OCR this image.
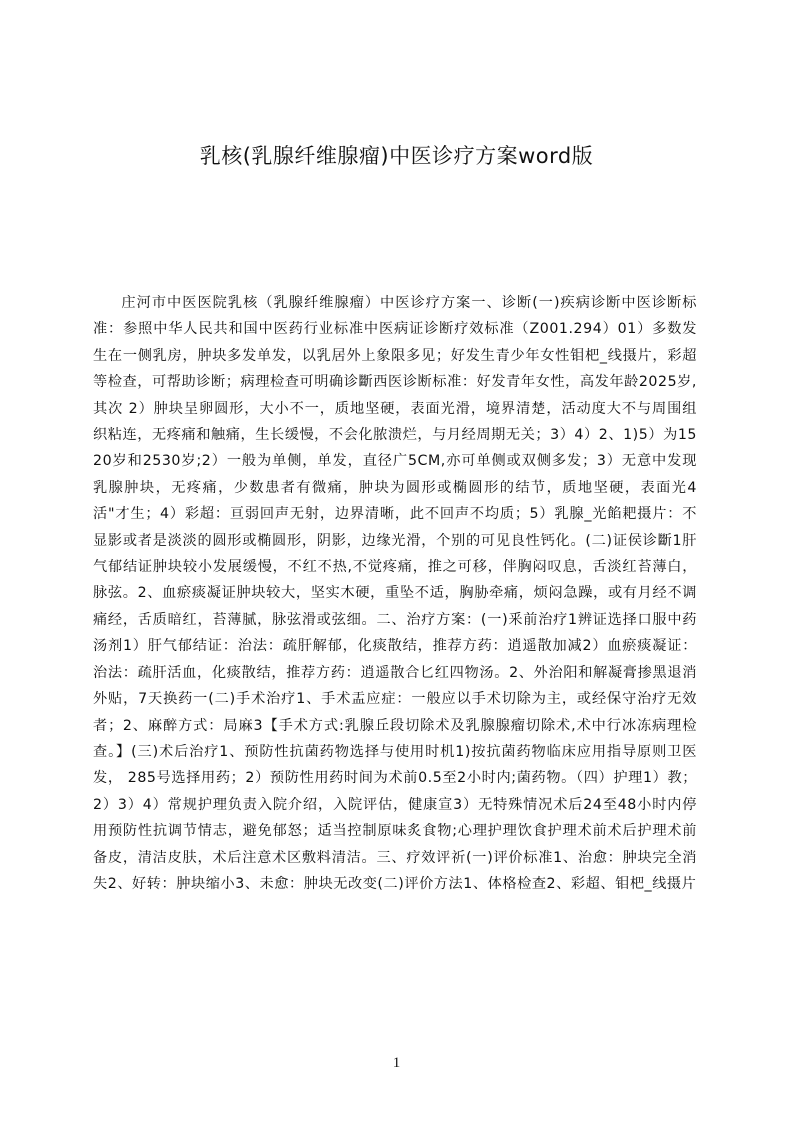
乳核(乳腺纤维腺瘤)中医诊疗方案word版

庄河市中医医院乳核（乳腺纤维腺瘤）中医诊疗方案一、诊断(一)疾病诊断中医诊断标准：参照中华人民共和国中医药行业标准中医病证诊断疗效标准（Z001.294）01）多数发生在一侧乳房，肿块多发单发，以乳居外上象限多见；好发生青少年女性钼杷_线摄片，彩超等检查，可帮助诊断；病理检查可明确诊斷西医诊断标准：好发青年女性，高发年龄2025岁,其次 2）肿块呈卵圆形，大小不一，质地坚硬，表面光滑，境界清楚，活动度大不与周围组织粘连，无疼痛和触痛，生长缓慢，不会化脓溃烂，与月经周期无关；3）4）2、1)5）为1520岁和2530岁;2）一般为单侧，单发，直径广5CM,亦可单侧或双侧多发；3）无意中发现乳腺肿块，无疼痛，少数患者有微痛，肿块为圆形或椭圆形的结节，质地坚硬，表面光4活"才生；4）彩超：亘弱回声无射，边界清晰，此不回声不均质；5）乳腺_光餡耙摄片：不显影或者是淡淡的圆形或椭圆形，阴影，边缘光滑，个别的可见良性钙化。(二)证侯诊斷1肝气郁结证肿块较小发展缓慢，不红不热,不觉疼痛，推之可移，伴胸闷叹息，舌淡红苔薄白，脉弦。2、血瘀痰凝证肿块较大，坚实木硬，重坠不适，胸胁牵痛，烦闷急躁，或有月经不调痛经，舌质暗红，苔薄腻，脉弦滑或弦细。二、治疗方案：(一)釆前治疗1辨证选择口服中药汤剂1）肝气郁结证：治法：疏肝解郁，化痰散结，推荐方药：逍遥散加减2）血瘀痰凝证：治法：疏肝活血，化痰散结，推荐方药：逍遥散合匕红四物汤。2、外治阳和解凝膏掺黑退消外贴，7天换药一(二)手术治疗1、手术盂应症：一般应以手术切除为主，或经保守治疗无效者；2、麻醉方式：局麻3【手术方式:乳腺丘段切除术及乳腺腺瘤切除术,术中行冰冻病理检查。】(三)术后治疗1、预防性抗菌药物选择与使用时机1)按抗菌药物临床应用指导原则卫医发， 285号选择用药；2）预防性用药时间为术前0.5至2小时内;菌药物。（四）护理1）教； 2）3）4）常规护理负责入院介绍，入院评估，健康宣3）无特殊情况术后24至48小时内停用预防性抗调节情志，避免郁怒；适当控制原味炙食物;心理护理饮食护理术前术后护理术前备皮，清洁皮肤，术后注意术区敷料清洁。三、疗效评祈(一)评价标准1、治愈：肿块完全消失2、好转：肿块缩小3、未愈：肿块无改变(二)评价方法1、体格检查2、彩超、钼杷_线摄片

1
